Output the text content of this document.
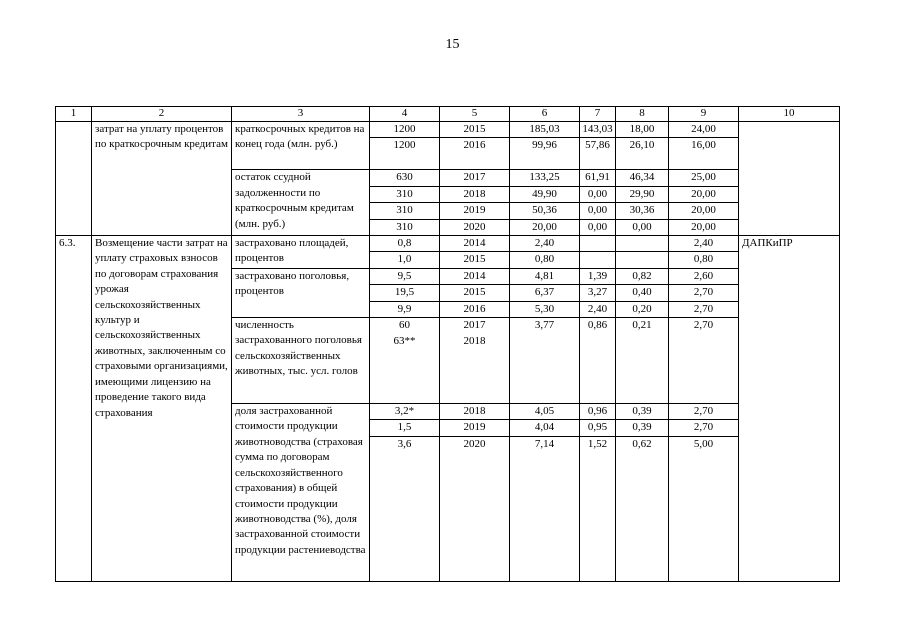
15
1	2	3	4	5	6	7	8	9	10
	затрат на уплату процентов по краткосрочным кредитам	краткосрочных кредитов на конец года (млн. руб.)	1200	2015	185,03	143,03	18,00	24,00	
			1200	2016	99,96	57,86	26,10	16,00	
		остаток ссудной задолженности по краткосрочным кредитам (млн. руб.)	630	2017	133,25	61,91	46,34	25,00	
			310	2018	49,90	0,00	29,90	20,00	
			310	2019	50,36	0,00	30,36	20,00	
			310	2020	20,00	0,00	0,00	20,00	
6.3.	Возмещение части затрат на уплату страховых взносов по договорам страхования урожая сельскохозяйственных культур и сельскохозяйственных животных, заключенным со страховыми организациями, имеющими лицензию на проведение такого вида страхования	застраховано площадей, процентов	0,8	2014	2,40			2,40	ДАПКиПР
			1,0	2015	0,80			0,80	
		застраховано поголовья, процентов	9,5	2014	4,81	1,39	0,82	2,60	
			19,5	2015	6,37	3,27	0,40	2,70	
			9,9	2016	5,30	2,40	0,20	2,70	
		численность застрахованного поголовья сельскохозяйственных животных, тыс. усл. голов	60	2017	3,77	0,86	0,21	2,70	
			63**	2018					
		доля застрахованной стоимости продукции животноводства (страховая сумма по договорам сельскохозяйственного страхования) в общей стоимости продукции животноводства (%), доля застрахованной стоимости продукции растениеводства	3,2*	2018	4,05	0,96	0,39	2,70	
			1,5	2019	4,04	0,95	0,39	2,70	
			3,6	2020	7,14	1,52	0,62	5,00	
